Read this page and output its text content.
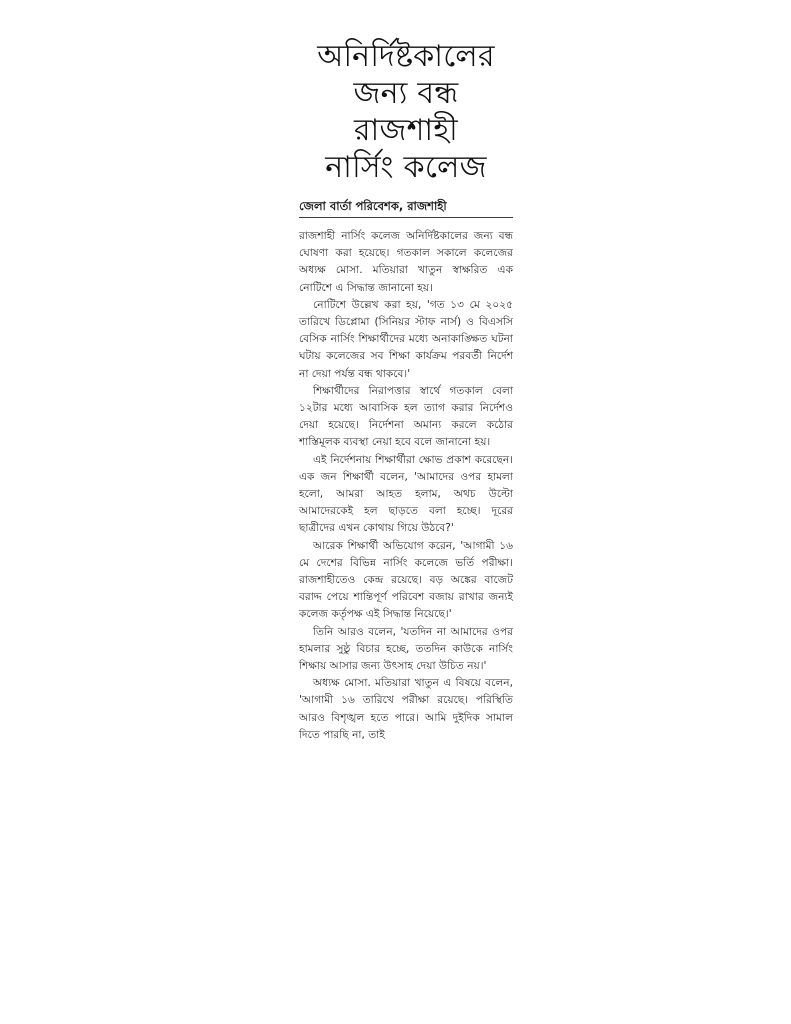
অনির্দিষ্টকালের
জন্য বন্ধ রাজশাহী
নার্সিং কলেজ
জেলা বার্তা পরিবেশক, রাজশাহী

রাজশাহী নার্সিং কলেজ অনির্দিষ্টকালের জন্য বন্ধ ঘোষণা করা হয়েছে। গতকাল সকালে কলেজের অধ্যক্ষ মোসা. মতিয়ারা খাতুন স্বাক্ষরিত এক নোটিশে এ সিদ্ধান্ত জানানো হয়।

নোটিশে উল্লেখ করা হয়, 'গত ১৩ মে ২০২৫ তারিখে ডিপ্লোমা (সিনিয়র স্টাফ নার্স) ও বিএসসি বেসিক নার্সিং শিক্ষার্থীদের মধ্যে অনাকাঙ্ক্ষিত ঘটনা ঘটায় কলেজের সব শিক্ষা কার্যক্রম পরবর্তী নির্দেশ না দেয়া পর্যন্ত বন্ধ থাকবে।'

শিক্ষার্থীদের নিরাপত্তার স্বার্থে গতকাল বেলা ১২টার মধ্যে আবাসিক হল ত্যাগ করার নির্দেশও দেয়া হয়েছে। নির্দেশনা অমান্য করলে কঠোর শাস্তিমূলক ব্যবস্থা নেয়া হবে বলে জানানো হয়।

এই নির্দেশনায় শিক্ষার্থীরা ক্ষোভ প্রকাশ করেছেন। এক জন শিক্ষার্থী বলেন, 'আমাদের ওপর হামলা হলো, আমরা আহত হলাম, অথচ উল্টো আমাদেরকেই হল ছাড়তে বলা হচ্ছে। দূরের ছাত্রীদের এখন কোথায় গিয়ে উঠবে?'

আরেক শিক্ষার্থী অভিযোগ করেন, 'আগামী ১৬ মে দেশের বিভিন্ন নার্সিং কলেজে ভর্তি পরীক্ষা। রাজশাহীতেও কেন্দ্র রয়েছে। বড় অঙ্কের বাজেট বরাদ্দ পেয়ে শান্তিপূর্ণ পরিবেশ বজায় রাখার জন্যই কলেজ কর্তৃপক্ষ এই সিদ্ধান্ত নিয়েছে।'

তিনি আরও বলেন, 'যতদিন না আমাদের ওপর হামলার সুষ্ঠু বিচার হচ্ছে, ততদিন কাউকে নার্সিং শিক্ষায় আসার জন্য উৎসাহ দেয়া উচিত নয়।'

অধ্যক্ষ মোসা. মতিয়ারা খাতুন এ বিষয়ে বলেন, 'আগামী ১৬ তারিখে পরীক্ষা রয়েছে। পরিস্থিতি আরও বিশৃঙ্খল হতে পারে। আমি দুইদিক সামাল দিতে পারছি না, তাই
